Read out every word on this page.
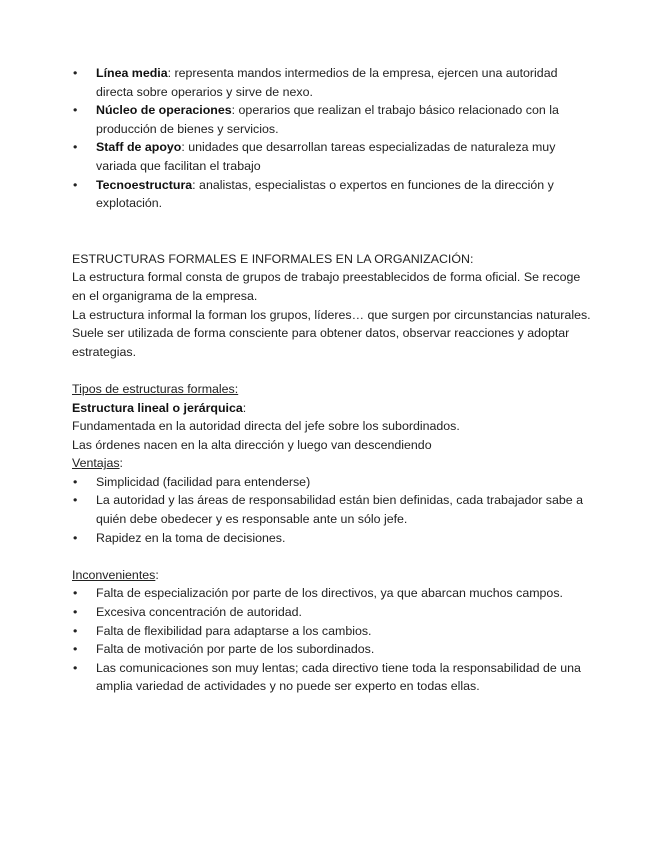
• Línea media: representa mandos intermedios de la empresa, ejercen una autoridad directa sobre operarios y sirve de nexo.
• Núcleo de operaciones: operarios que realizan el trabajo básico relacionado con la producción de bienes y servicios.
• Staff de apoyo: unidades que desarrollan tareas especializadas de naturaleza muy variada que facilitan el trabajo
• Tecnoestructura: analistas, especialistas o expertos en funciones de la dirección y explotación.

ESTRUCTURAS FORMALES E INFORMALES EN LA ORGANIZACIÓN:

La estructura formal consta de grupos de trabajo preestablecidos de forma oficial. Se recoge en el organigrama de la empresa.

La estructura informal la forman los grupos, líderes… que surgen por circunstancias naturales. Suele ser utilizada de forma consciente para obtener datos, observar reacciones y adoptar estrategias.

Tipos de estructuras formales:

Estructura lineal o jerárquica:

Fundamentada en la autoridad directa del jefe sobre los subordinados.

Las órdenes nacen en la alta dirección y luego van descendiendo

Ventajas:

• Simplicidad (facilidad para entenderse)
• La autoridad y las áreas de responsabilidad están bien definidas, cada trabajador sabe a quién debe obedecer y es responsable ante un sólo jefe.
• Rapidez en la toma de decisiones.

Inconvenientes:

• Falta de especialización por parte de los directivos, ya que abarcan muchos campos.
• Excesiva concentración de autoridad.
• Falta de flexibilidad para adaptarse a los cambios.
• Falta de motivación por parte de los subordinados.
• Las comunicaciones son muy lentas; cada directivo tiene toda la responsabilidad de una amplia variedad de actividades y no puede ser experto en todas ellas.
